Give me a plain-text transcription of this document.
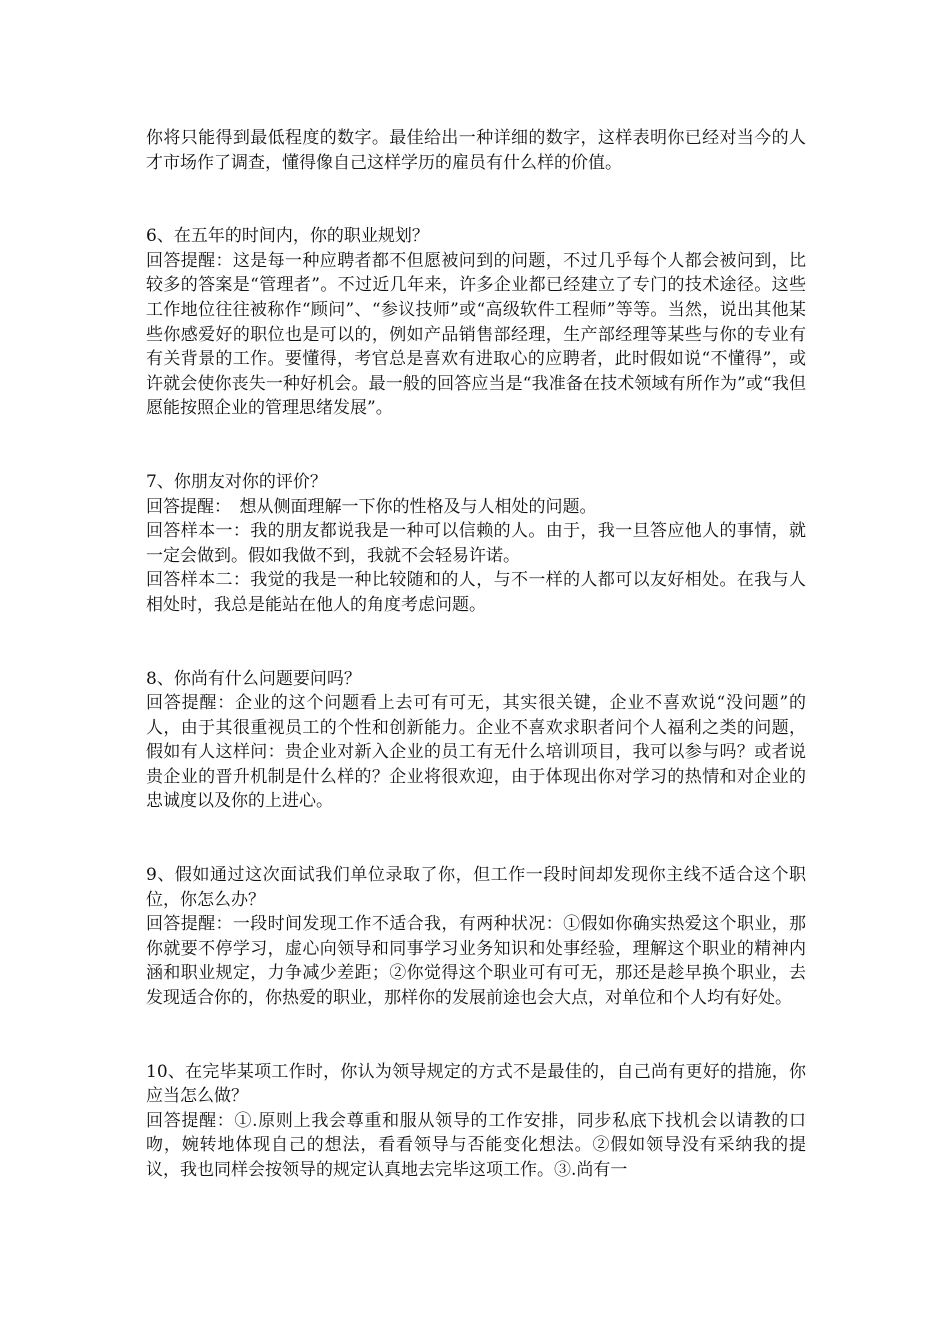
你将只能得到最低程度的数字。最佳给出一种详细的数字，这样表明你已经对当今的人才市场作了调查，懂得像自己这样学历的雇员有什么样的价值。

6、在五年的时间内，你的职业规划？

回答提醒：这是每一种应聘者都不但愿被问到的问题，不过几乎每个人都会被问到，比较多的答案是“管理者”。不过近几年来，许多企业都已经建立了专门的技术途径。这些工作地位往往被称作“顾问”、“参议技师”或“高级软件工程师”等等。当然，说出其他某些你感爱好的职位也是可以的，例如产品销售部经理，生产部经理等某些与你的专业有有关背景的工作。要懂得，考官总是喜欢有进取心的应聘者，此时假如说“不懂得”，或许就会使你丧失一种好机会。最一般的回答应当是“我准备在技术领域有所作为”或“我但愿能按照企业的管理思绪发展”。

7、你朋友对你的评价？

回答提醒：　想从侧面理解一下你的性格及与人相处的问题。

回答样本一：我的朋友都说我是一种可以信赖的人。由于，我一旦答应他人的事情，就一定会做到。假如我做不到，我就不会轻易许诺。

回答样本二：我觉的我是一种比较随和的人，与不一样的人都可以友好相处。在我与人相处时，我总是能站在他人的角度考虑问题。

8、你尚有什么问题要问吗？

回答提醒：企业的这个问题看上去可有可无，其实很关键，企业不喜欢说“没问题”的人，由于其很重视员工的个性和创新能力。企业不喜欢求职者问个人福利之类的问题，假如有人这样问：贵企业对新入企业的员工有无什么培训项目，我可以参与吗？或者说贵企业的晋升机制是什么样的？企业将很欢迎，由于体现出你对学习的热情和对企业的忠诚度以及你的上进心。

9、假如通过这次面试我们单位录取了你，但工作一段时间却发现你主线不适合这个职位，你怎么办？

回答提醒：一段时间发现工作不适合我，有两种状况：①假如你确实热爱这个职业，那你就要不停学习，虚心向领导和同事学习业务知识和处事经验，理解这个职业的精神内涵和职业规定，力争减少差距；②你觉得这个职业可有可无，那还是趁早换个职业，去发现适合你的，你热爱的职业，那样你的发展前途也会大点，对单位和个人均有好处。

10、在完毕某项工作时，你认为领导规定的方式不是最佳的，自己尚有更好的措施，你应当怎么做？

回答提醒：①.原则上我会尊重和服从领导的工作安排，同步私底下找机会以请教的口吻，婉转地体现自己的想法，看看领导与否能变化想法。②假如领导没有采纳我的提议，我也同样会按领导的规定认真地去完毕这项工作。③.尚有一
